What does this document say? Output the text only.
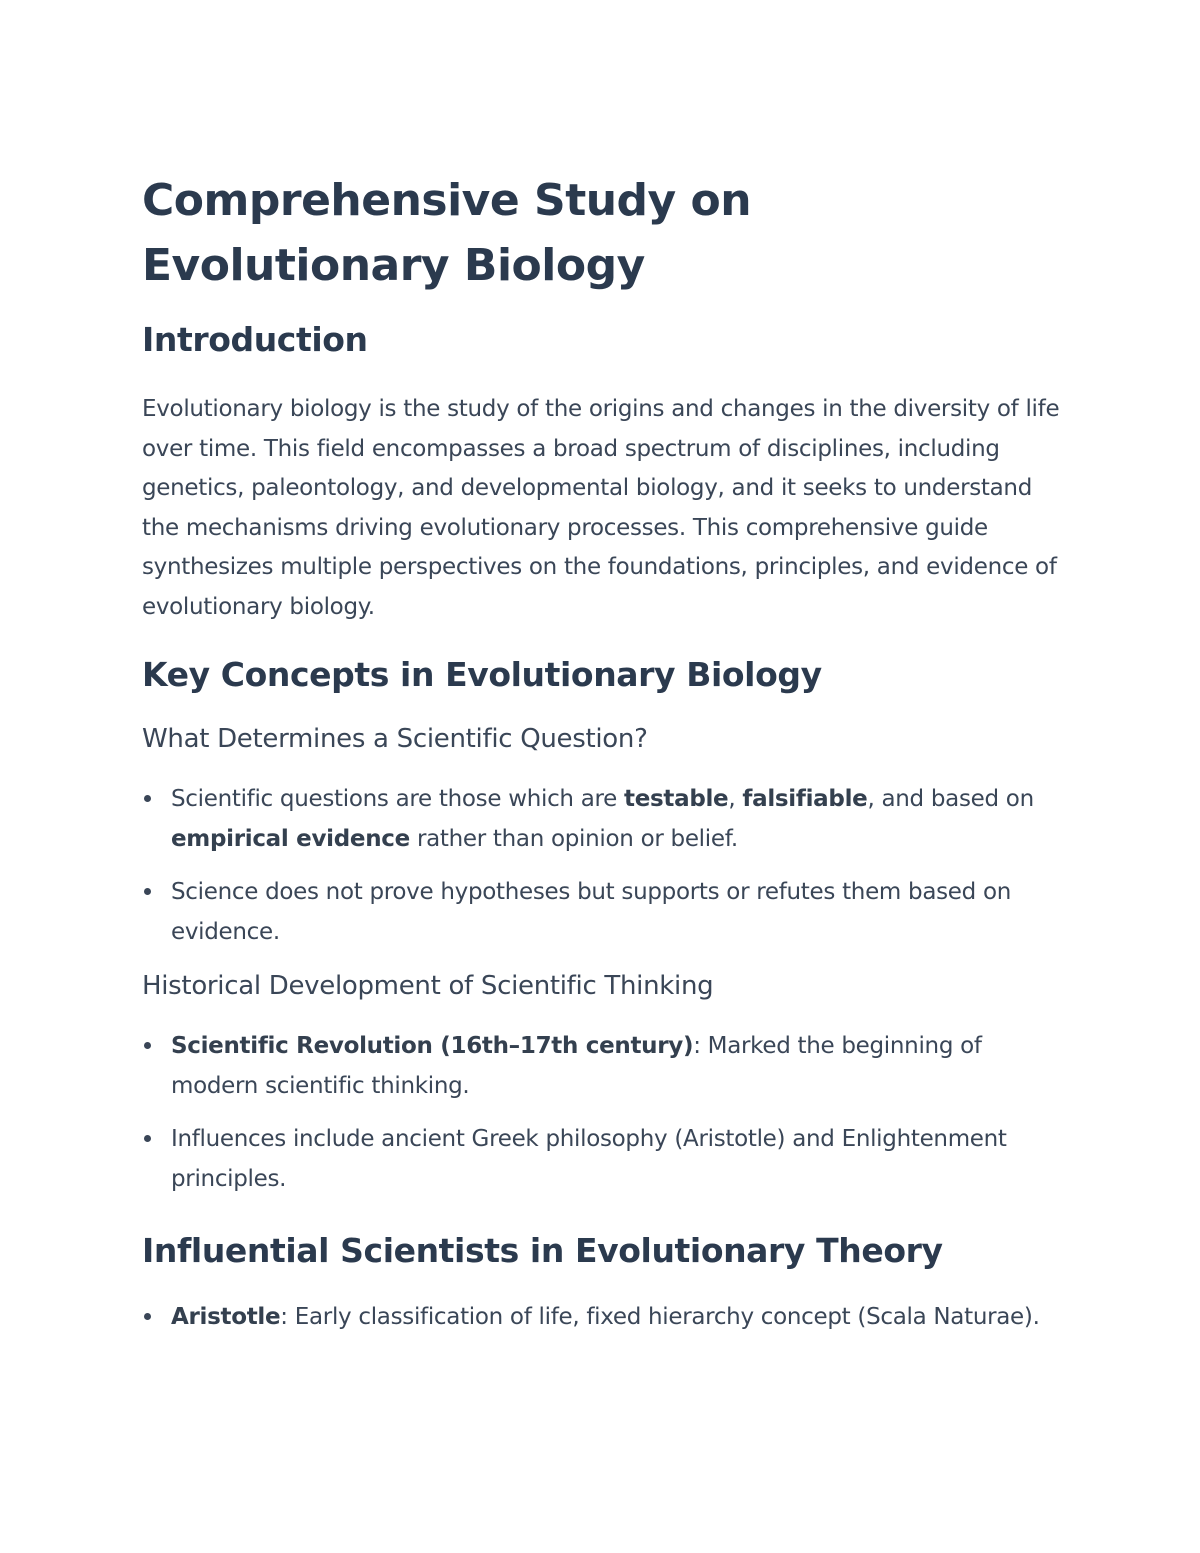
Comprehensive Study on Evolutionary Biology
Introduction

Evolutionary biology is the study of the origins and changes in the diversity of life over time. This field encompasses a broad spectrum of disciplines, including genetics, paleontology, and developmental biology, and it seeks to understand the mechanisms driving evolutionary processes. This comprehensive guide synthesizes multiple perspectives on the foundations, principles, and evidence of evolutionary biology.

Key Concepts in Evolutionary Biology
What Determines a Scientific Question?
Scientific questions are those which are testable, falsifiable, and based on empirical evidence rather than opinion or belief.
Science does not prove hypotheses but supports or refutes them based on evidence.
Historical Development of Scientific Thinking
Scientific Revolution (16th–17th century): Marked the beginning of modern scientific thinking.
Influences include ancient Greek philosophy (Aristotle) and Enlightenment principles.
Influential Scientists in Evolutionary Theory
Aristotle: Early classification of life, fixed hierarchy concept (Scala Naturae).
